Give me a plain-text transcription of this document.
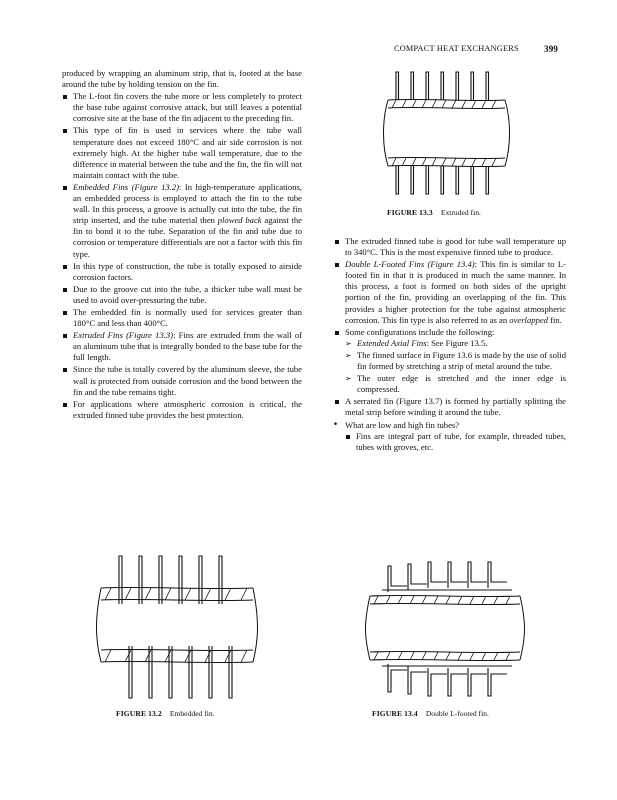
COMPACT HEAT EXCHANGERS	399

produced by wrapping an aluminum strip, that is, footed at the base around the tube by holding tension on the fin.

The L-foot fin covers the tube more or less completely to protect the base tube against corrosive attack, but still leaves a potential corrosive site at the base of the fin adjacent to the preceding fin.
This type of fin is used in services where the tube wall temperature does not exceed 180°C and air side corrosion is not extremely high. At the higher tube wall temperature, due to the difference in material between the tube and the fin, the fin will not maintain contact with the tube.
Embedded Fins (Figure 13.2): In high-temperature applications, an embedded process is employed to attach the fin to the tube wall. In this process, a groove is actually cut into the tube, the fin strip inserted, and the tube material then plowed back against the fin to bond it to the tube. Separation of the fin and tube due to corrosion or temperature differentials are not a factor with this fin type.
In this type of construction, the tube is totally exposed to airside corrosion factors.
Due to the groove cut into the tube, a thicker tube wall must be used to avoid over-pressuring the tube.
The embedded fin is normally used for services greater than 180°C and less than 400°C.
Extruded Fins (Figure 13.3): Fins are extruded from the wall of an aluminum tube that is integrally bonded to the base tube for the full length.
Since the tube is totally covered by the aluminum sleeve, the tube wall is protected from outside corrosion and the bond between the fin and the tube remains tight.
For applications where atmospheric corrosion is critical, the extruded finned tube provides the best protection.
The extruded finned tube is good for tube wall temperature up to 340°C. This is the most expensive finned tube to produce.
Double L-Footed Fins (Figure 13.4): This fin is similar to L-footed fin in that it is produced in much the same manner. In this process, a foot is formed on both sides of the upright portion of the fin, providing an overlapping of the fin. This provides a higher protection for the tube against atmospheric corrosion. This fin type is also referred to as an overlapped fin.
Some configurations include the following:
➢ Extended Axial Fins: See Figure 13.5.
➢ The finned surface in Figure 13.6 is made by the use of solid fin formed by stretching a strip of metal around the tube.
➢ The outer edge is stretched and the inner edge is compressed.
A serrated fin (Figure 13.7) is formed by partially splitting the metal strip before winding it around the tube.
• What are low and high fin tubes?
Fins are integral part of tube, for example, threaded tubes, tubes with groves, etc.
FIGURE 13.3 Extruded fin.
FIGURE 13.2 Embedded fin.	FIGURE 13.4 Double L-footed fin.
